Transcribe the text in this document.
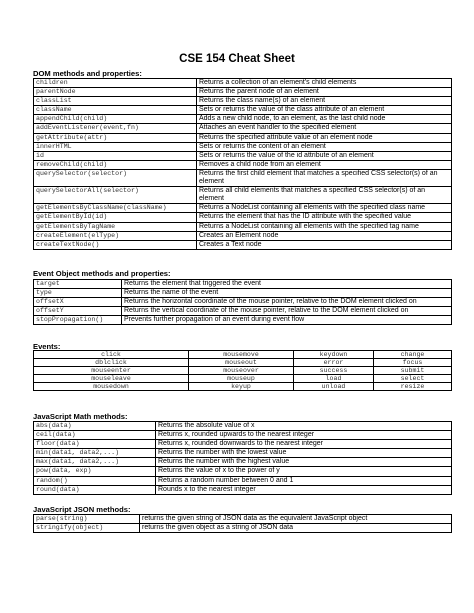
CSE 154 Cheat Sheet
DOM methods and properties:
children	Returns a collection of an element's child elements
parentNode	Returns the parent node of an element
classList	Returns the class name(s) of an element
className	Sets or returns the value of the class attribute of an element
appendChild(child)	Adds a new child node, to an element, as the last child node
addEventListener(event,fn)	Attaches an event handler to the specified element
getAttribute(attr)	Returns the specified attribute value of an element node
innerHTML	Sets or returns the content of an element
id	Sets or returns the value of the id attribute of an element
removeChild(child)	Removes a child node from an element
querySelector(selector)	Returns the first child element that matches a specified CSS selector(s) of an element
querySelectorAll(selector)	Returns all child elements that matches a specified CSS selector(s) of an element
getElementsByClassName(className)	Returns a NodeList containing all elements with the specified class name
getElementById(id)	Returns the element that has the ID attribute with the specified value
getElementsByTagName	Returns a NodeList containing all elements with the specified tag name
createElement(elType)	Creates an Element node
createTextNode()	Creates a Text node
Event Object methods and properties:
target	Returns the element that triggered the event
type	Returns the name of the event
offsetX	Returns the horizontal coordinate of the mouse pointer, relative to the DOM element clicked on
offsetY	Returns the vertical coordinate of the mouse pointer, relative to the DOM element clicked on
stopPropagation()	Prevents further propagation of an event during event flow
Events:
click	mousemove	keydown	change
dblclick	mouseout	error	focus
mouseenter	mouseover	success	submit
mouseleave	mouseup	load	select
mousedown	keyup	unload	resize
JavaScript Math methods:
abs(data)	Returns the absolute value of x
ceil(data)	Returns x, rounded upwards to the nearest integer
floor(data)	Returns x, rounded downwards to the nearest integer
min(data1, data2,...)	Returns the number with the lowest value
max(data1, data2,...)	Returns the number with the highest value
pow(data, exp)	Returns the value of x to the power of y
random()	Returns a random number between 0 and 1
round(data)	Rounds x to the nearest integer
JavaScript JSON methods:
parse(string)	returns the given string of JSON data as the equivalent JavaScript object
stringify(object)	returns the given object as a string of JSON data
